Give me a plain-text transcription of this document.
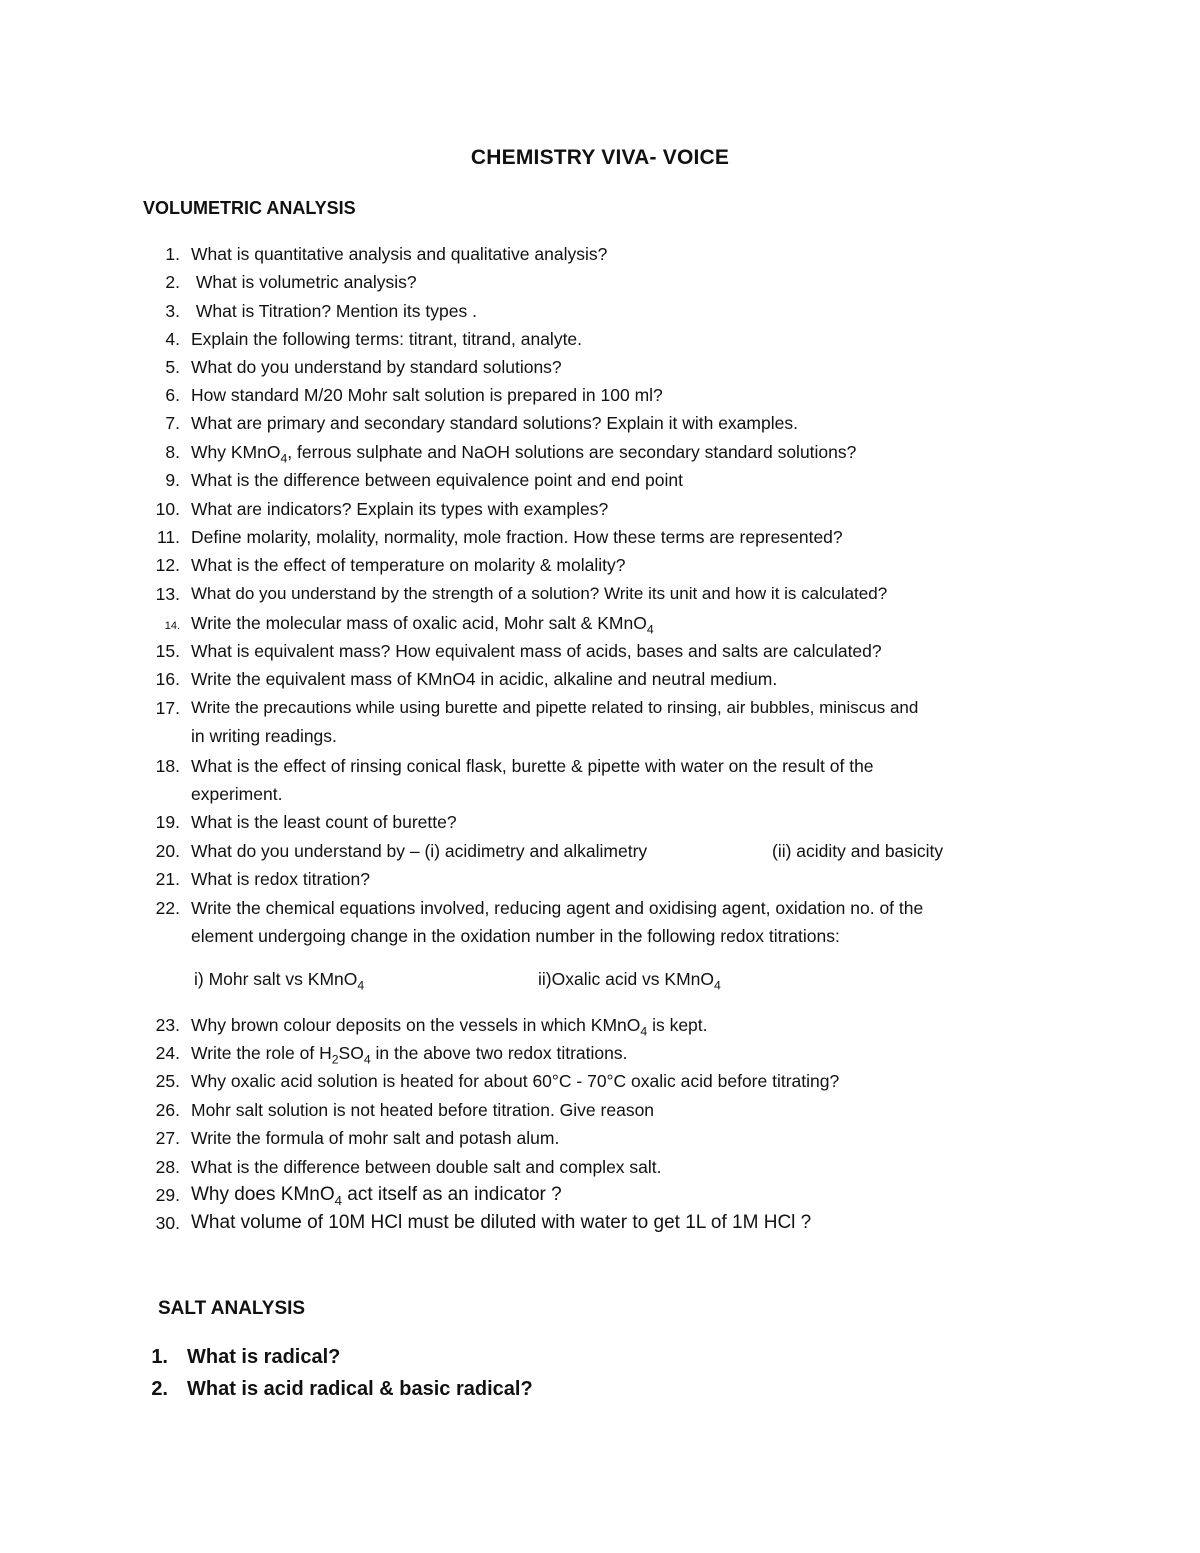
CHEMISTRY VIVA- VOICE
VOLUMETRIC ANALYSIS
1. What is quantitative analysis and qualitative analysis?
2. What is volumetric analysis?
3. What is Titration? Mention its types .
4. Explain the following terms: titrant, titrand, analyte.
5. What do you understand by standard solutions?
6. How standard M/20 Mohr salt solution is prepared in 100 ml?
7. What are primary and secondary standard solutions? Explain it with examples.
8. Why KMnO$_4$, ferrous sulphate and NaOH solutions are secondary standard solutions?
9. What is the difference between equivalence point and end point
10. What are indicators? Explain its types with examples?
11. Define molarity, molality, normality, mole fraction. How these terms are represented?
12. What is the effect of temperature on molarity & molality?
13. What do you understand by the strength of a solution? Write its unit and how it is calculated?
14. Write the molecular mass of oxalic acid, Mohr salt & KMnO$_4$
15. What is equivalent mass? How equivalent mass of acids, bases and salts are calculated?
16. Write the equivalent mass of KMnO4 in acidic, alkaline and neutral medium.
17. Write the precautions while using burette and pipette related to rinsing, air bubbles, miniscus and
in writing readings.
18. What is the effect of rinsing conical flask, burette & pipette with water on the result of the
experiment.
19. What is the least count of burette?
20. What do you understand by – (i) acidimetry and alkalimetry	(ii) acidity and basicity
21. What is redox titration?
22. Write the chemical equations involved, reducing agent and oxidising agent, oxidation no. of the
element undergoing change in the oxidation number in the following redox titrations:
i) Mohr salt vs KMnO$_4$	ii)Oxalic acid vs KMnO$_4$
23. Why brown colour deposits on the vessels in which KMnO$_4$ is kept.
24. Write the role of $H_2SO_4$ in the above two redox titrations.
25. Why oxalic acid solution is heated for about 60°C - 70°C oxalic acid before titrating?
26. Mohr salt solution is not heated before titration. Give reason
27. Write the formula of mohr salt and potash alum.
28. What is the difference between double salt and complex salt.
29. Why does KMnO$_4$ act itself as an indicator ?
30. What volume of 10M HCl must be diluted with water to get 1L of 1M HCl ?
SALT ANALYSIS
1. What is radical?
2. What is acid radical & basic radical?
